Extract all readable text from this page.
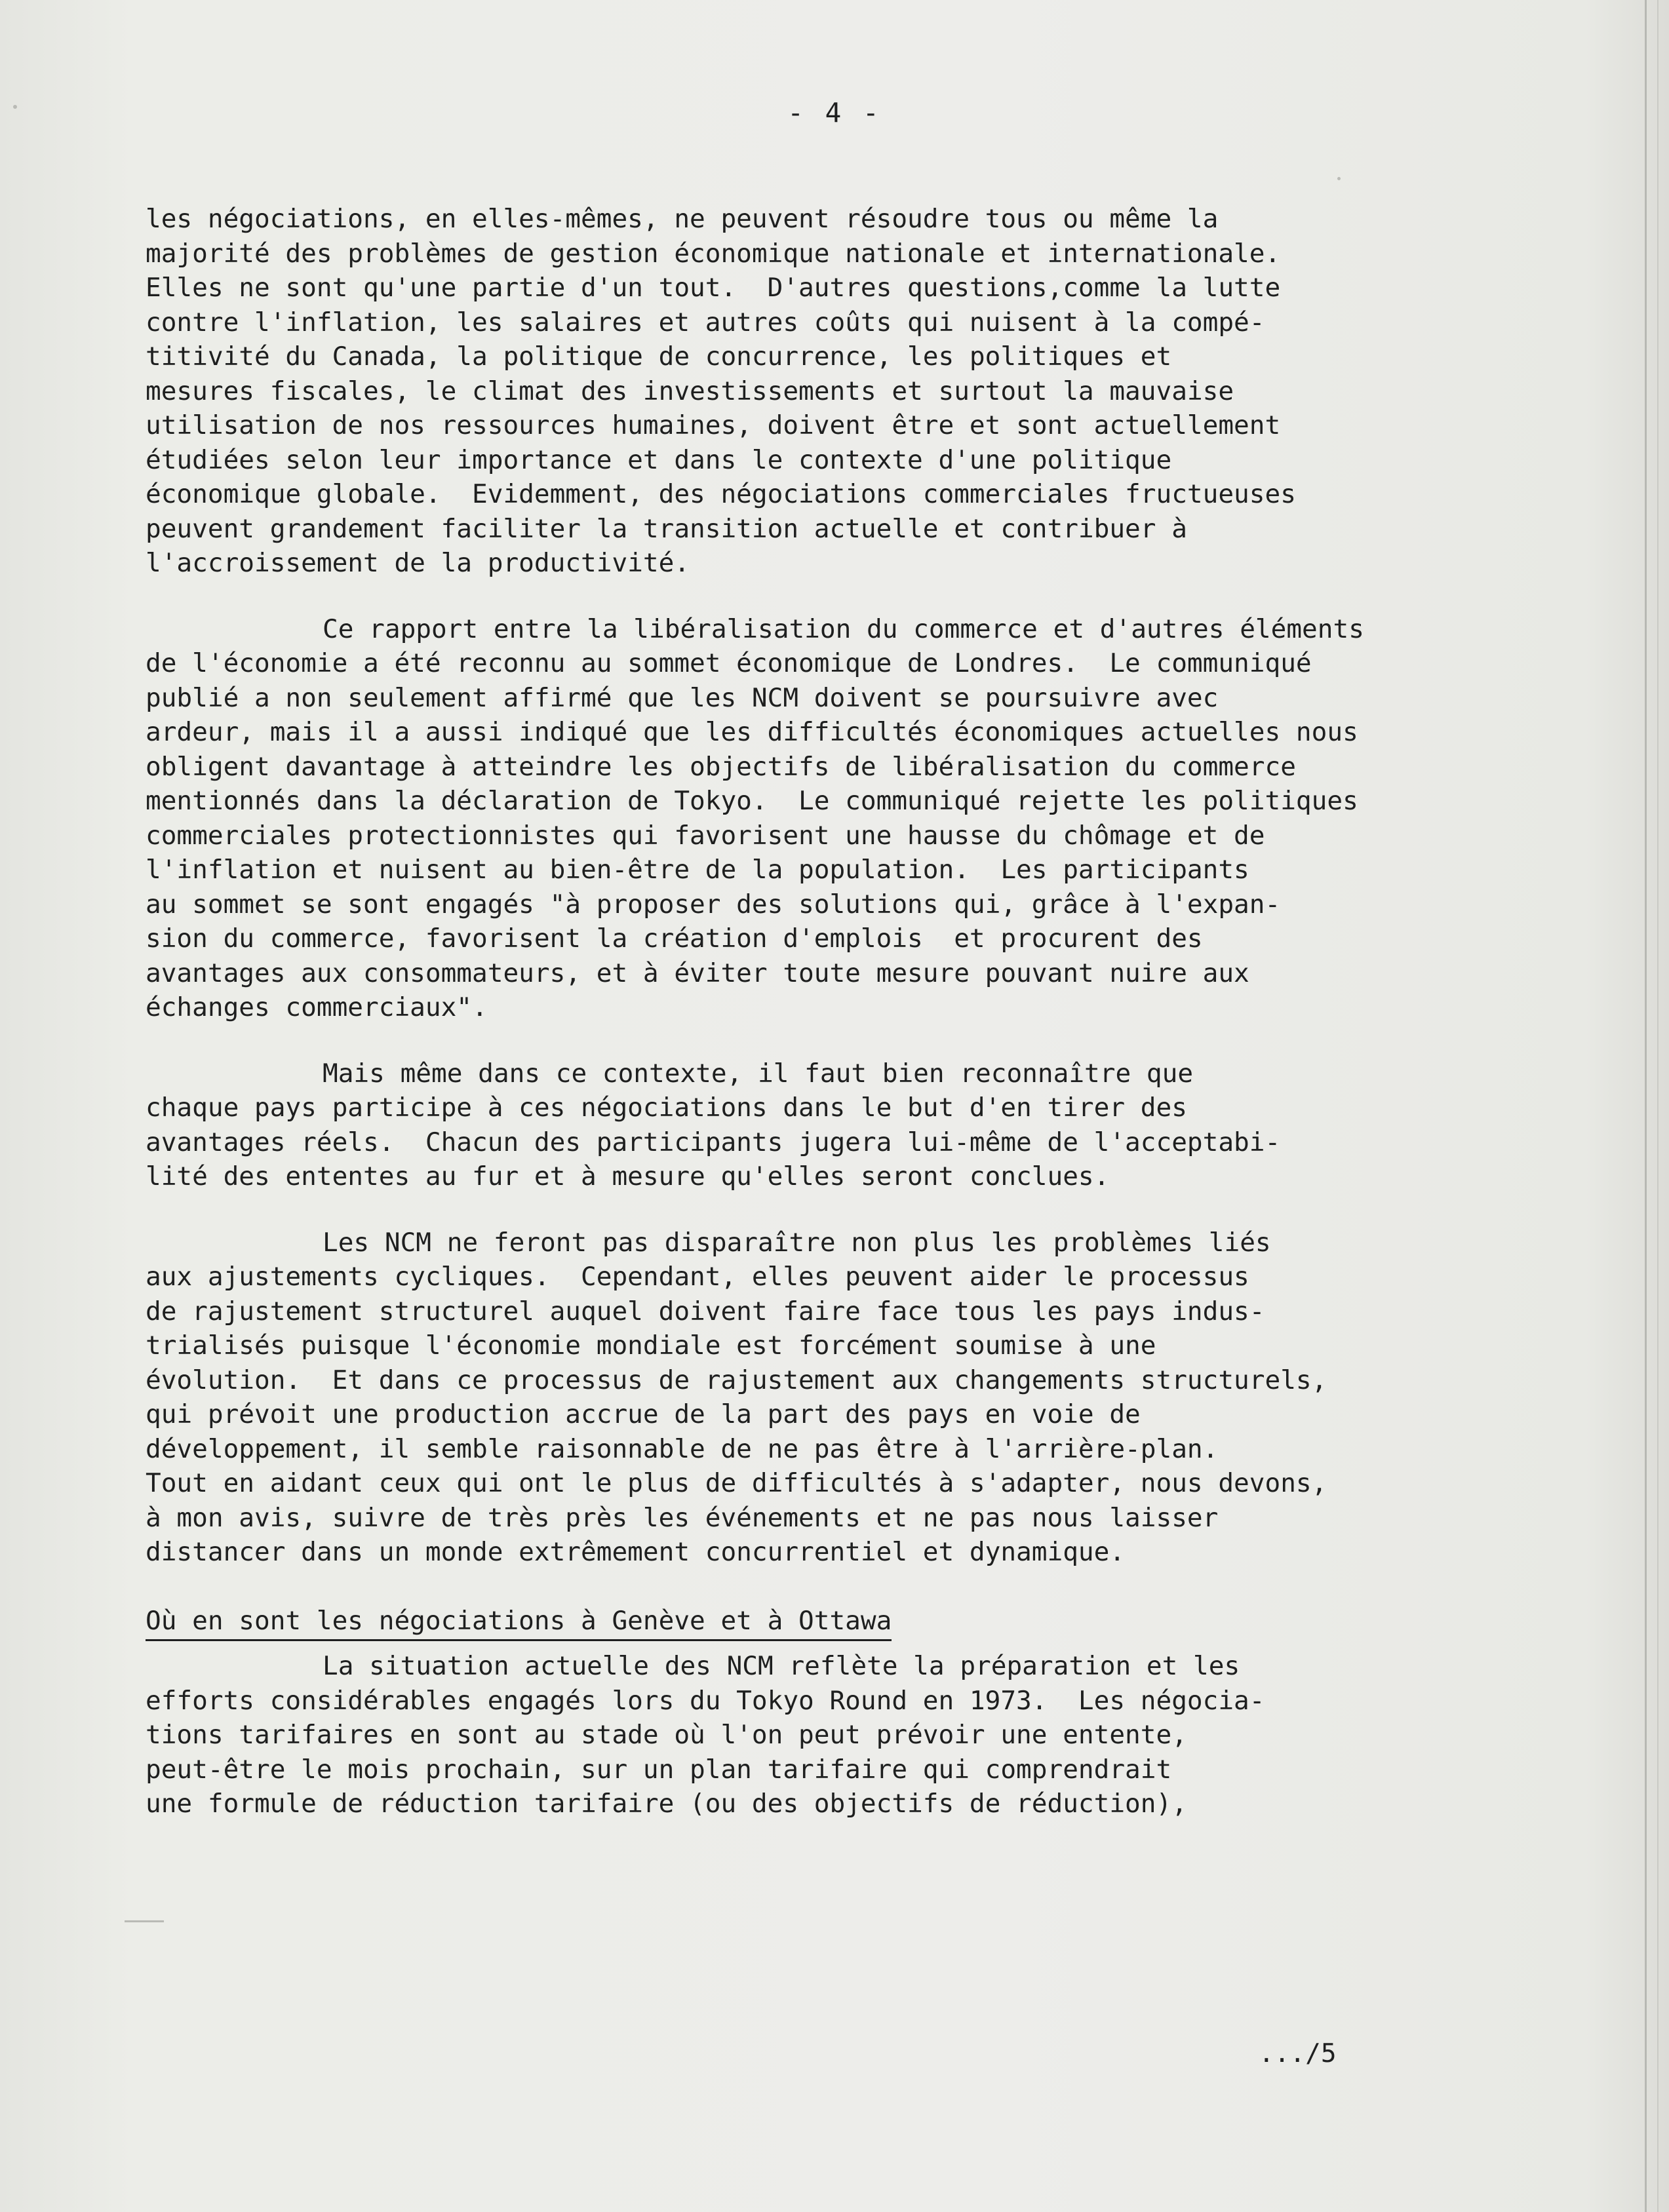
- 4 -
les négociations, en elles-mêmes, ne peuvent résoudre tous ou même la
majorité des problèmes de gestion économique nationale et internationale.
Elles ne sont qu'une partie d'un tout.  D'autres questions,comme la lutte
contre l'inflation, les salaires et autres coûts qui nuisent à la compé-
titivité du Canada, la politique de concurrence, les politiques et
mesures fiscales, le climat des investissements et surtout la mauvaise
utilisation de nos ressources humaines, doivent être et sont actuellement
étudiées selon leur importance et dans le contexte d'une politique
économique globale.  Evidemment, des négociations commerciales fructueuses
peuvent grandement faciliter la transition actuelle et contribuer à
l'accroissement de la productivité.
Ce rapport entre la libéralisation du commerce et d'autres éléments
de l'économie a été reconnu au sommet économique de Londres.  Le communiqué
publié a non seulement affirmé que les NCM doivent se poursuivre avec
ardeur, mais il a aussi indiqué que les difficultés économiques actuelles nous
obligent davantage à atteindre les objectifs de libéralisation du commerce
mentionnés dans la déclaration de Tokyo.  Le communiqué rejette les politiques
commerciales protectionnistes qui favorisent une hausse du chômage et de
l'inflation et nuisent au bien-être de la population.  Les participants
au sommet se sont engagés "à proposer des solutions qui, grâce à l'expan-
sion du commerce, favorisent la création d'emplois  et procurent des
avantages aux consommateurs, et à éviter toute mesure pouvant nuire aux
échanges commerciaux".
Mais même dans ce contexte, il faut bien reconnaître que
chaque pays participe à ces négociations dans le but d'en tirer des
avantages réels.  Chacun des participants jugera lui-même de l'acceptabi-
lité des ententes au fur et à mesure qu'elles seront conclues.
Les NCM ne feront pas disparaître non plus les problèmes liés
aux ajustements cycliques.  Cependant, elles peuvent aider le processus
de rajustement structurel auquel doivent faire face tous les pays indus-
trialisés puisque l'économie mondiale est forcément soumise à une
évolution.  Et dans ce processus de rajustement aux changements structurels,
qui prévoit une production accrue de la part des pays en voie de
développement, il semble raisonnable de ne pas être à l'arrière-plan.
Tout en aidant ceux qui ont le plus de difficultés à s'adapter, nous devons,
à mon avis, suivre de très près les événements et ne pas nous laisser
distancer dans un monde extrêmement concurrentiel et dynamique.
Où en sont les négociations à Genève et à Ottawa
La situation actuelle des NCM reflète la préparation et les
efforts considérables engagés lors du Tokyo Round en 1973.  Les négocia-
tions tarifaires en sont au stade où l'on peut prévoir une entente,
peut-être le mois prochain, sur un plan tarifaire qui comprendrait
une formule de réduction tarifaire (ou des objectifs de réduction),
.../5
